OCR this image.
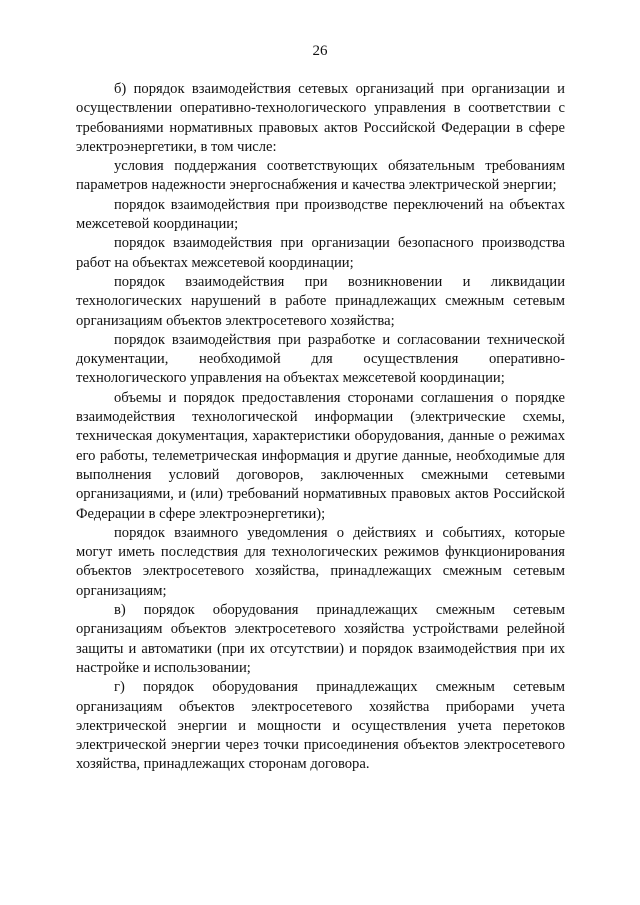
26

б) порядок взаимодействия сетевых организаций при организации и осуществлении оперативно-технологического управления в соответствии с требованиями нормативных правовых актов Российской Федерации в сфере электроэнергетики, в том числе:

условия поддержания соответствующих обязательным требованиям параметров надежности энергоснабжения и качества электрической энергии;

порядок взаимодействия при производстве переключений на объектах межсетевой координации;

порядок взаимодействия при организации безопасного производства работ на объектах межсетевой координации;

порядок взаимодействия при возникновении и ликвидации технологических нарушений в работе принадлежащих смежным сетевым организациям объектов электросетевого хозяйства;

порядок взаимодействия при разработке и согласовании технической документации, необходимой для осуществления оперативно-технологического управления на объектах межсетевой координации;

объемы и порядок предоставления сторонами соглашения о порядке взаимодействия технологической информации (электрические схемы, техническая документация, характеристики оборудования, данные о режимах его работы, телеметрическая информация и другие данные, необходимые для выполнения условий договоров, заключенных смежными сетевыми организациями, и (или) требований нормативных правовых актов Российской Федерации в сфере электроэнергетики);

порядок взаимного уведомления о действиях и событиях, которые могут иметь последствия для технологических режимов функционирования объектов электросетевого хозяйства, принадлежащих смежным сетевым организациям;

в) порядок оборудования принадлежащих смежным сетевым организациям объектов электросетевого хозяйства устройствами релейной защиты и автоматики (при их отсутствии) и порядок взаимодействия при их настройке и использовании;

г) порядок оборудования принадлежащих смежным сетевым организациям объектов электросетевого хозяйства приборами учета электрической энергии и мощности и осуществления учета перетоков электрической энергии через точки присоединения объектов электросетевого хозяйства, принадлежащих сторонам договора.
